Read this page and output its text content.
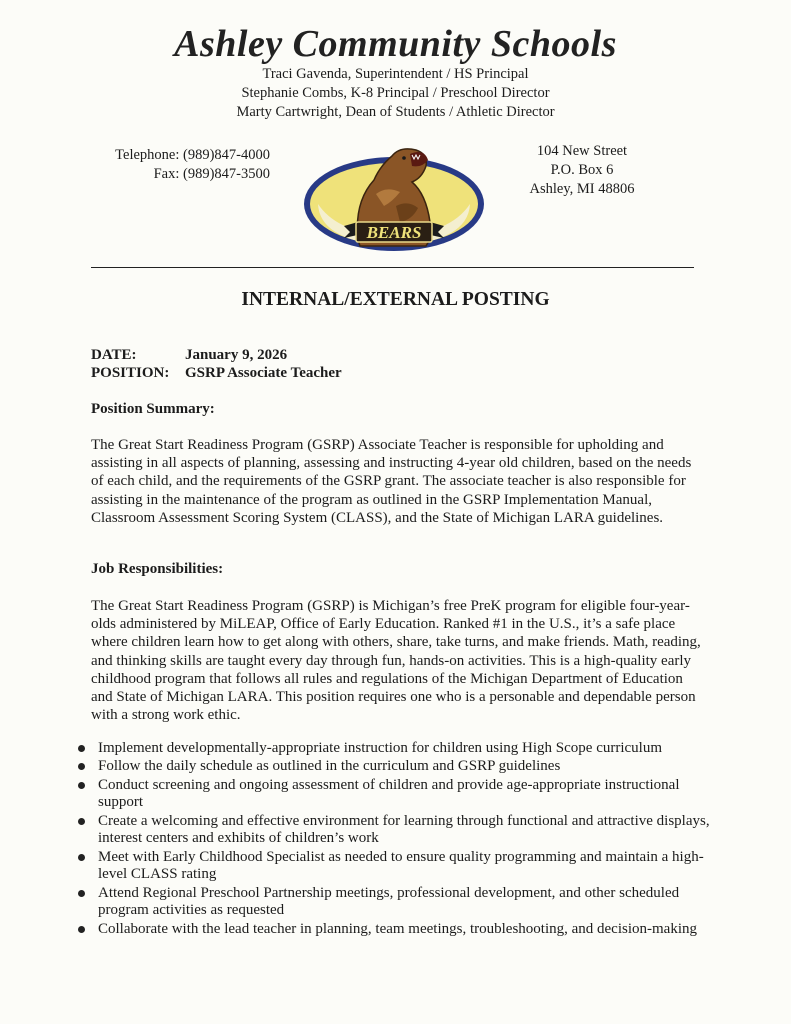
Ashley Community Schools
Traci Gavenda, Superintendent / HS Principal
Stephanie Combs, K-8 Principal / Preschool Director
Marty Cartwright, Dean of Students / Athletic Director
Telephone: (989)847-4000
Fax: (989)847-3500
BEARS
104 New Street
P.O. Box 6
Ashley, MI 48806
INTERNAL/EXTERNAL POSTING
DATE:	January 9, 2026
POSITION:	GSRP Associate Teacher
Position Summary:

The Great Start Readiness Program (GSRP) Associate Teacher is responsible for upholding and assisting in all aspects of planning, assessing and instructing 4-year old children, based on the needs of each child, and the requirements of the GSRP grant. The associate teacher is also responsible for assisting in the maintenance of the program as outlined in the GSRP Implementation Manual, Classroom Assessment Scoring System (CLASS), and the State of Michigan LARA guidelines.

Job Responsibilities:

The Great Start Readiness Program (GSRP) is Michigan’s free PreK program for eligible four-year-olds administered by MiLEAP, Office of Early Education. Ranked #1 in the U.S., it’s a safe place where children learn how to get along with others, share, take turns, and make friends. Math, reading, and thinking skills are taught every day through fun, hands-on activities. This is a high-quality early childhood program that follows all rules and regulations of the Michigan Department of Education and State of Michigan LARA. This position requires one who is a personable and dependable person with a strong work ethic.

Implement developmentally-appropriate instruction for children using High Scope curriculum
Follow the daily schedule as outlined in the curriculum and GSRP guidelines
Conduct screening and ongoing assessment of children and provide age-appropriate instructional support
Create a welcoming and effective environment for learning through functional and attractive displays, interest centers and exhibits of children’s work
Meet with Early Childhood Specialist as needed to ensure quality programming and maintain a high-level CLASS rating
Attend Regional Preschool Partnership meetings, professional development, and other scheduled program activities as requested
Collaborate with the lead teacher in planning, team meetings, troubleshooting, and decision-making
